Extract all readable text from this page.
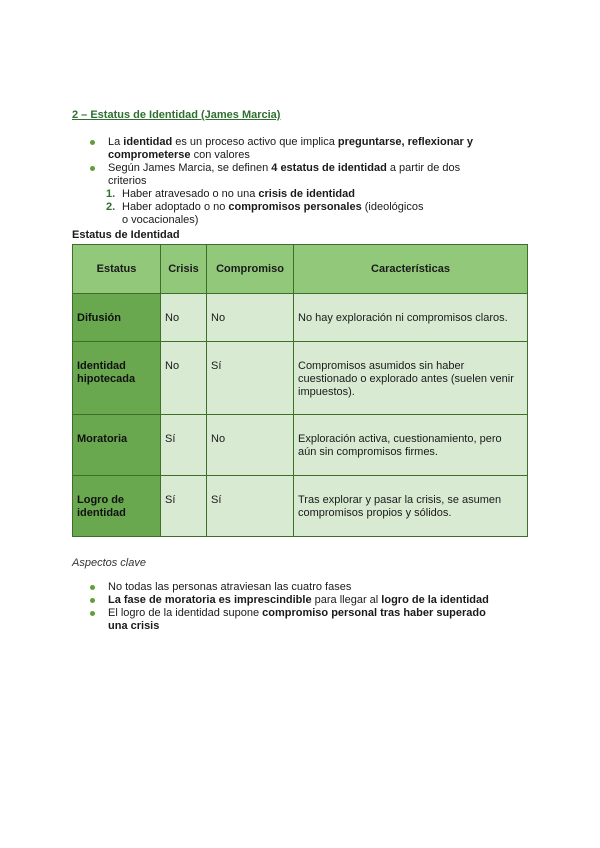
2 – Estatus de Identidad (James Marcia)
La identidad es un proceso activo que implica preguntarse, reflexionar y comprometerse con valores
Según James Marcia, se definen 4 estatus de identidad a partir de dos criterios
1. Haber atravesado o no una crisis de identidad
2. Haber adoptado o no compromisos personales (ideológicos o vocacionales)
Estatus de Identidad
Estatus	Crisis	Compromiso	Características
Difusión	No	No	No hay exploración ni compromisos claros.
Identidad hipotecada	No	Sí	Compromisos asumidos sin haber cuestionado o explorado antes (suelen venir impuestos).
Moratoria	Sí	No	Exploración activa, cuestionamiento, pero aún sin compromisos firmes.
Logro de identidad	Sí	Sí	Tras explorar y pasar la crisis, se asumen compromisos propios y sólidos.
Aspectos clave
No todas las personas atraviesan las cuatro fases
La fase de moratoria es imprescindible para llegar al logro de la identidad
El logro de la identidad supone compromiso personal tras haber superado una crisis
